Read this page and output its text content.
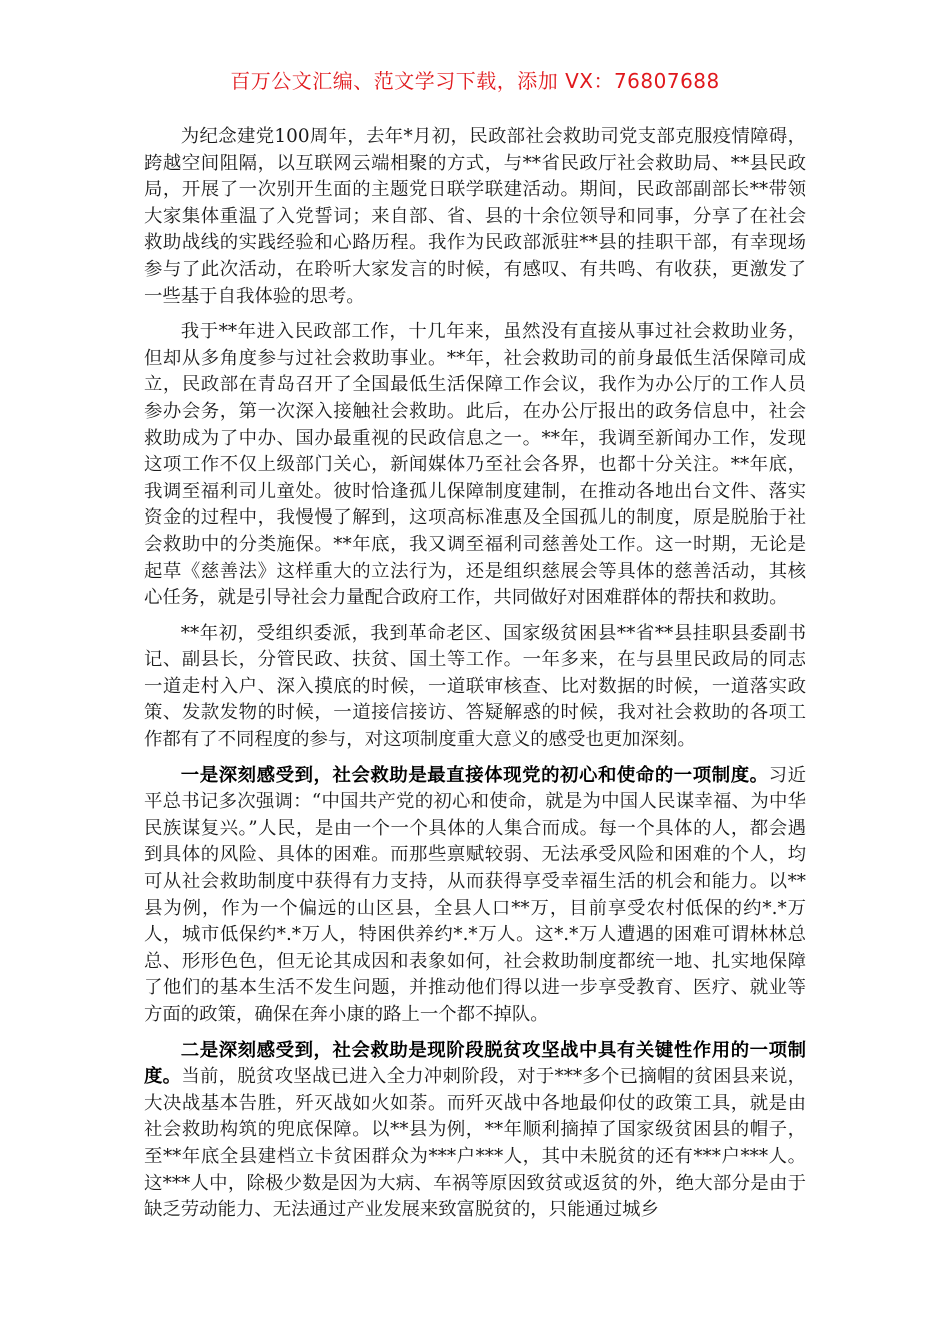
百万公文汇编、范文学习下载，添加 VX：76807688

为纪念建党100周年，去年*月初，民政部社会救助司党支部克服疫情障碍，跨越空间阻隔，以互联网云端相聚的方式，与**省民政厅社会救助局、**县民政局，开展了一次别开生面的主题党日联学联建活动。期间，民政部副部长**带领大家集体重温了入党誓词；来自部、省、县的十余位领导和同事，分享了在社会救助战线的实践经验和心路历程。我作为民政部派驻**县的挂职干部，有幸现场参与了此次活动，在聆听大家发言的时候，有感叹、有共鸣、有收获，更激发了一些基于自我体验的思考。

我于**年进入民政部工作，十几年来，虽然没有直接从事过社会救助业务，但却从多角度参与过社会救助事业。**年，社会救助司的前身最低生活保障司成立，民政部在青岛召开了全国最低生活保障工作会议，我作为办公厅的工作人员参办会务，第一次深入接触社会救助。此后，在办公厅报出的政务信息中，社会救助成为了中办、国办最重视的民政信息之一。**年，我调至新闻办工作，发现这项工作不仅上级部门关心，新闻媒体乃至社会各界，也都十分关注。**年底，我调至福利司儿童处。彼时恰逢孤儿保障制度建制，在推动各地出台文件、落实资金的过程中，我慢慢了解到，这项高标准惠及全国孤儿的制度，原是脱胎于社会救助中的分类施保。**年底，我又调至福利司慈善处工作。这一时期，无论是起草《慈善法》这样重大的立法行为，还是组织慈展会等具体的慈善活动，其核心任务，就是引导社会力量配合政府工作，共同做好对困难群体的帮扶和救助。

**年初，受组织委派，我到革命老区、国家级贫困县**省**县挂职县委副书记、副县长，分管民政、扶贫、国土等工作。一年多来，在与县里民政局的同志一道走村入户、深入摸底的时候，一道联审核查、比对数据的时候，一道落实政策、发款发物的时候，一道接信接访、答疑解惑的时候，我对社会救助的各项工作都有了不同程度的参与，对这项制度重大意义的感受也更加深刻。

一是深刻感受到，社会救助是最直接体现党的初心和使命的一项制度。习近平总书记多次强调：“中国共产党的初心和使命，就是为中国人民谋幸福、为中华民族谋复兴。”人民，是由一个一个具体的人集合而成。每一个具体的人，都会遇到具体的风险、具体的困难。而那些禀赋较弱、无法承受风险和困难的个人，均可从社会救助制度中获得有力支持，从而获得享受幸福生活的机会和能力。以**县为例，作为一个偏远的山区县，全县人口**万，目前享受农村低保的约*.*万人，城市低保约*.*万人，特困供养约*.*万人。这*.*万人遭遇的困难可谓林林总总、形形色色，但无论其成因和表象如何，社会救助制度都统一地、扎实地保障了他们的基本生活不发生问题，并推动他们得以进一步享受教育、医疗、就业等方面的政策，确保在奔小康的路上一个都不掉队。

二是深刻感受到，社会救助是现阶段脱贫攻坚战中具有关键性作用的一项制度。当前，脱贫攻坚战已进入全力冲刺阶段，对于***多个已摘帽的贫困县来说，大决战基本告胜，歼灭战如火如荼。而歼灭战中各地最仰仗的政策工具，就是由社会救助构筑的兜底保障。以**县为例，**年顺利摘掉了国家级贫困县的帽子，至**年底全县建档立卡贫困群众为***户***人，其中未脱贫的还有***户***人。这***人中，除极少数是因为大病、车祸等原因致贫或返贫的外，绝大部分是由于缺乏劳动能力、无法通过产业发展来致富脱贫的，只能通过城乡
